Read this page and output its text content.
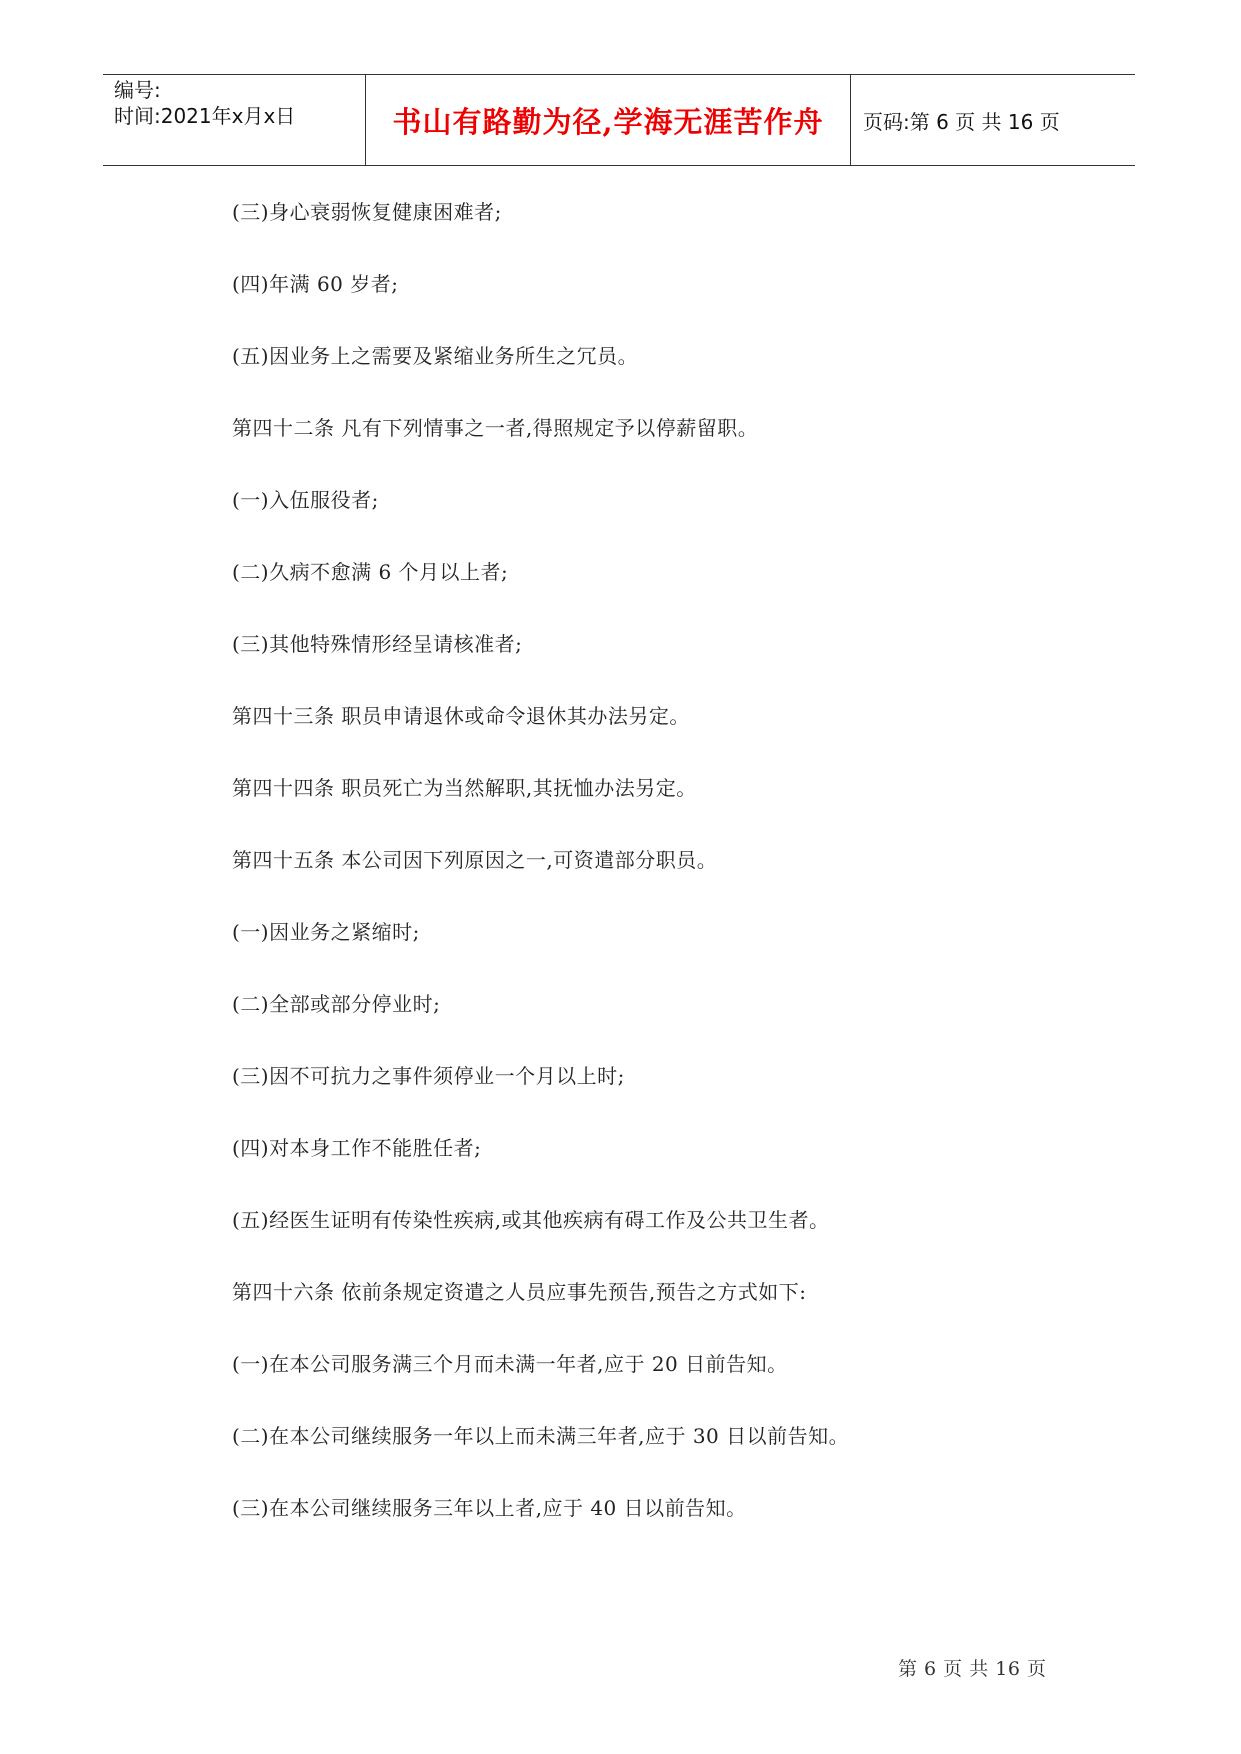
编号:
时间:2021年x月x日	书山有路勤为径,学海无涯苦作舟 页码:第 6 页 共 16 页
(三)身心衰弱恢复健康困难者;
(四)年满 60 岁者;
(五)因业务上之需要及紧缩业务所生之冗员。
第四十二条 凡有下列情事之一者,得照规定予以停薪留职。
(一)入伍服役者;
(二)久病不愈满 6 个月以上者;
(三)其他特殊情形经呈请核准者;
第四十三条 职员申请退休或命令退休其办法另定。
第四十四条 职员死亡为当然解职,其抚恤办法另定。
第四十五条 本公司因下列原因之一,可资遣部分职员。
(一)因业务之紧缩时;
(二)全部或部分停业时;
(三)因不可抗力之事件须停业一个月以上时;
(四)对本身工作不能胜任者;
(五)经医生证明有传染性疾病,或其他疾病有碍工作及公共卫生者。
第四十六条 依前条规定资遣之人员应事先预告,预告之方式如下:
(一)在本公司服务满三个月而未满一年者,应于 20 日前告知。
(二)在本公司继续服务一年以上而未满三年者,应于 30 日以前告知。
(三)在本公司继续服务三年以上者,应于 40 日以前告知。
第 6 页 共 16 页
